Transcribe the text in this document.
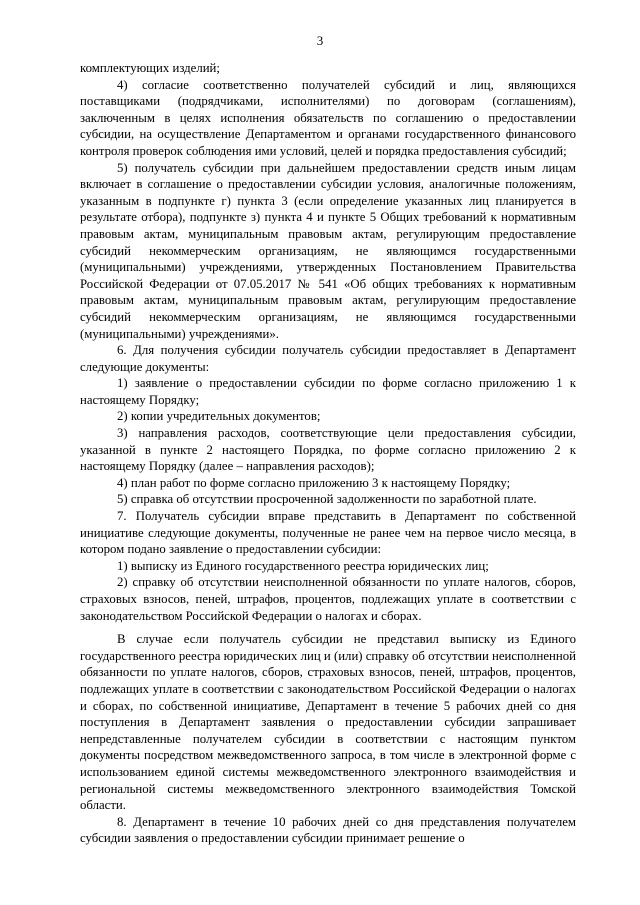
3

комплектующих изделий;

4) согласие соответственно получателей субсидий и лиц, являющихся поставщиками (подрядчиками, исполнителями) по договорам (соглашениям), заключенным в целях исполнения обязательств по соглашению о предоставлении субсидии, на осуществление Департаментом и органами государственного финансового контроля проверок соблюдения ими условий, целей и порядка предоставления субсидий;

5) получатель субсидии при дальнейшем предоставлении средств иным лицам включает в соглашение о предоставлении субсидии условия, аналогичные положениям, указанным в подпункте г) пункта 3 (если определение указанных лиц планируется в результате отбора), подпункте з) пункта 4 и пункте 5 Общих требований к нормативным правовым актам, муниципальным правовым актам, регулирующим предоставление субсидий некоммерческим организациям, не являющимся государственными (муниципальными) учреждениями, утвержденных Постановлением Правительства Российской Федерации от 07.05.2017 № 541 «Об общих требованиях к нормативным правовым актам, муниципальным правовым актам, регулирующим предоставление субсидий некоммерческим организациям, не являющимся государственными (муниципальными) учреждениями».

6. Для получения субсидии получатель субсидии предоставляет в Департамент следующие документы:

1) заявление о предоставлении субсидии по форме согласно приложению 1 к настоящему Порядку;

2) копии учредительных документов;

3) направления расходов, соответствующие цели предоставления субсидии, указанной в пункте 2 настоящего Порядка, по форме согласно приложению 2 к настоящему Порядку (далее – направления расходов);

4) план работ по форме согласно приложению 3 к настоящему Порядку;

5) справка об отсутствии просроченной задолженности по заработной плате.

7. Получатель субсидии вправе представить в Департамент по собственной инициативе следующие документы, полученные не ранее чем на первое число месяца, в котором подано заявление о предоставлении субсидии:

1) выписку из Единого государственного реестра юридических лиц;

2) справку об отсутствии неисполненной обязанности по уплате налогов, сборов, страховых взносов, пеней, штрафов, процентов, подлежащих уплате в соответствии с законодательством Российской Федерации о налогах и сборах.

В случае если получатель субсидии не представил выписку из Единого государственного реестра юридических лиц и (или) справку об отсутствии неисполненной обязанности по уплате налогов, сборов, страховых взносов, пеней, штрафов, процентов, подлежащих уплате в соответствии с законодательством Российской Федерации о налогах и сборах, по собственной инициативе, Департамент в течение 5 рабочих дней со дня поступления в Департамент заявления о предоставлении субсидии запрашивает непредставленные получателем субсидии в соответствии с настоящим пунктом документы посредством межведомственного запроса, в том числе в электронной форме с использованием единой системы межведомственного электронного взаимодействия и региональной системы межведомственного электронного взаимодействия Томской области.

8. Департамент в течение 10 рабочих дней со дня представления получателем субсидии заявления о предоставлении субсидии принимает решение о
